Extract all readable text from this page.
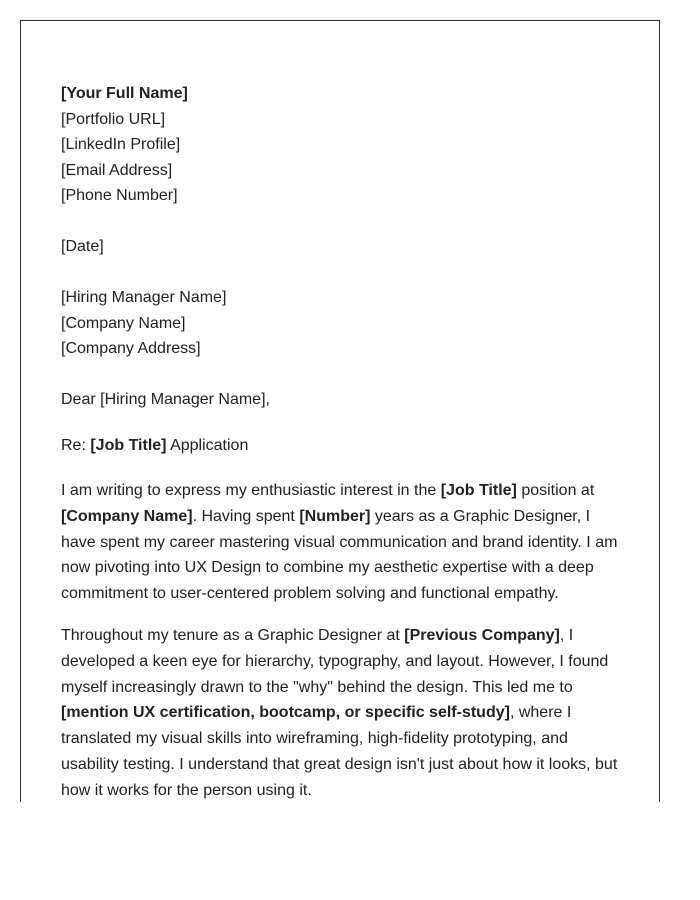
[Your Full Name]
[Portfolio URL]
[LinkedIn Profile]
[Email Address]
[Phone Number]
[Date]
[Hiring Manager Name]
[Company Name]
[Company Address]
Dear [Hiring Manager Name],
Re: [Job Title] Application

I am writing to express my enthusiastic interest in the [Job Title] position at [Company Name]. Having spent [Number] years as a Graphic Designer, I have spent my career mastering visual communication and brand identity. I am now pivoting into UX Design to combine my aesthetic expertise with a deep commitment to user-centered problem solving and functional empathy.

Throughout my tenure as a Graphic Designer at [Previous Company], I developed a keen eye for hierarchy, typography, and layout. However, I found myself increasingly drawn to the "why" behind the design. This led me to [mention UX certification, bootcamp, or specific self-study], where I translated my visual skills into wireframing, high-fidelity prototyping, and usability testing. I understand that great design isn't just about how it looks, but how it works for the person using it.
